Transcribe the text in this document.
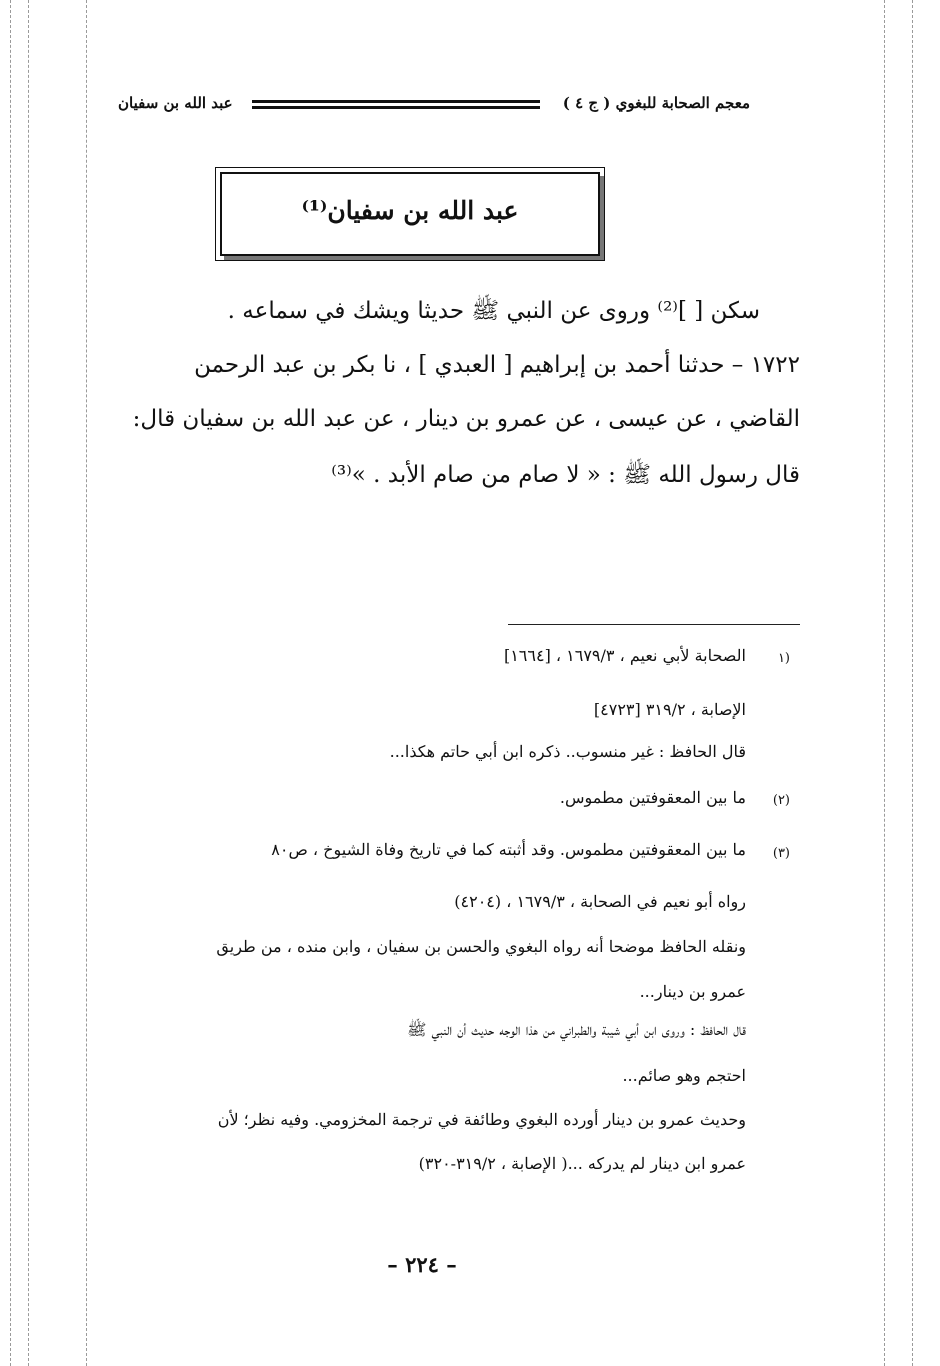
معجم الصحابة للبغوي ( ج ٤ )
عبد الله بن سفيان
عبد الله بن سفيان⁽¹⁾
سكن [ ]⁽²⁾ وروى عن النبي ﷺ حديثا ويشك في سماعه .
١٧٢٢ – حدثنا أحمد بن إبراهيم [ العبدي ] ، نا بكر بن عبد الرحمن
القاضي ، عن عيسى ، عن عمرو بن دينار ، عن عبد الله بن سفيان قال:
قال رسول الله ﷺ : « لا صام من صام الأبد . »⁽³⁾
(١
الصحابة لأبي نعيم ، ١٦٧٩/٣ ، [١٦٦٤]
الإصابة ، ٣١٩/٢ [٤٧٢٣]
قال الحافظ : غير منسوب.. ذكره ابن أبي حاتم هكذا...
(٢)
ما بين المعقوفتين مطموس.
(٣)
ما بين المعقوفتين مطموس. وقد أثبته كما في تاريخ وفاة الشيوخ ، ص٨٠
رواه أبو نعيم في الصحابة ، ١٦٧٩/٣ ، (٤٢٠٤)
ونقله الحافظ موضحا أنه رواه البغوي والحسن بن سفيان ، وابن منده ، من طريق
عمرو بن دينار...
قال الحافظ : وروى ابن أبي شيبة والطبراني من هذا الوجه حديث أن النبي ﷺ
احتجم وهو صائم...
وحديث عمرو بن دينار أورده البغوي وطائفة في ترجمة المخزومي. وفيه نظر؛ لأن
عمرو ابن دينار لم يدركه ...( الإصابة ، ٣١٩/٢-٣٢٠)
– ٢٢٤ –
